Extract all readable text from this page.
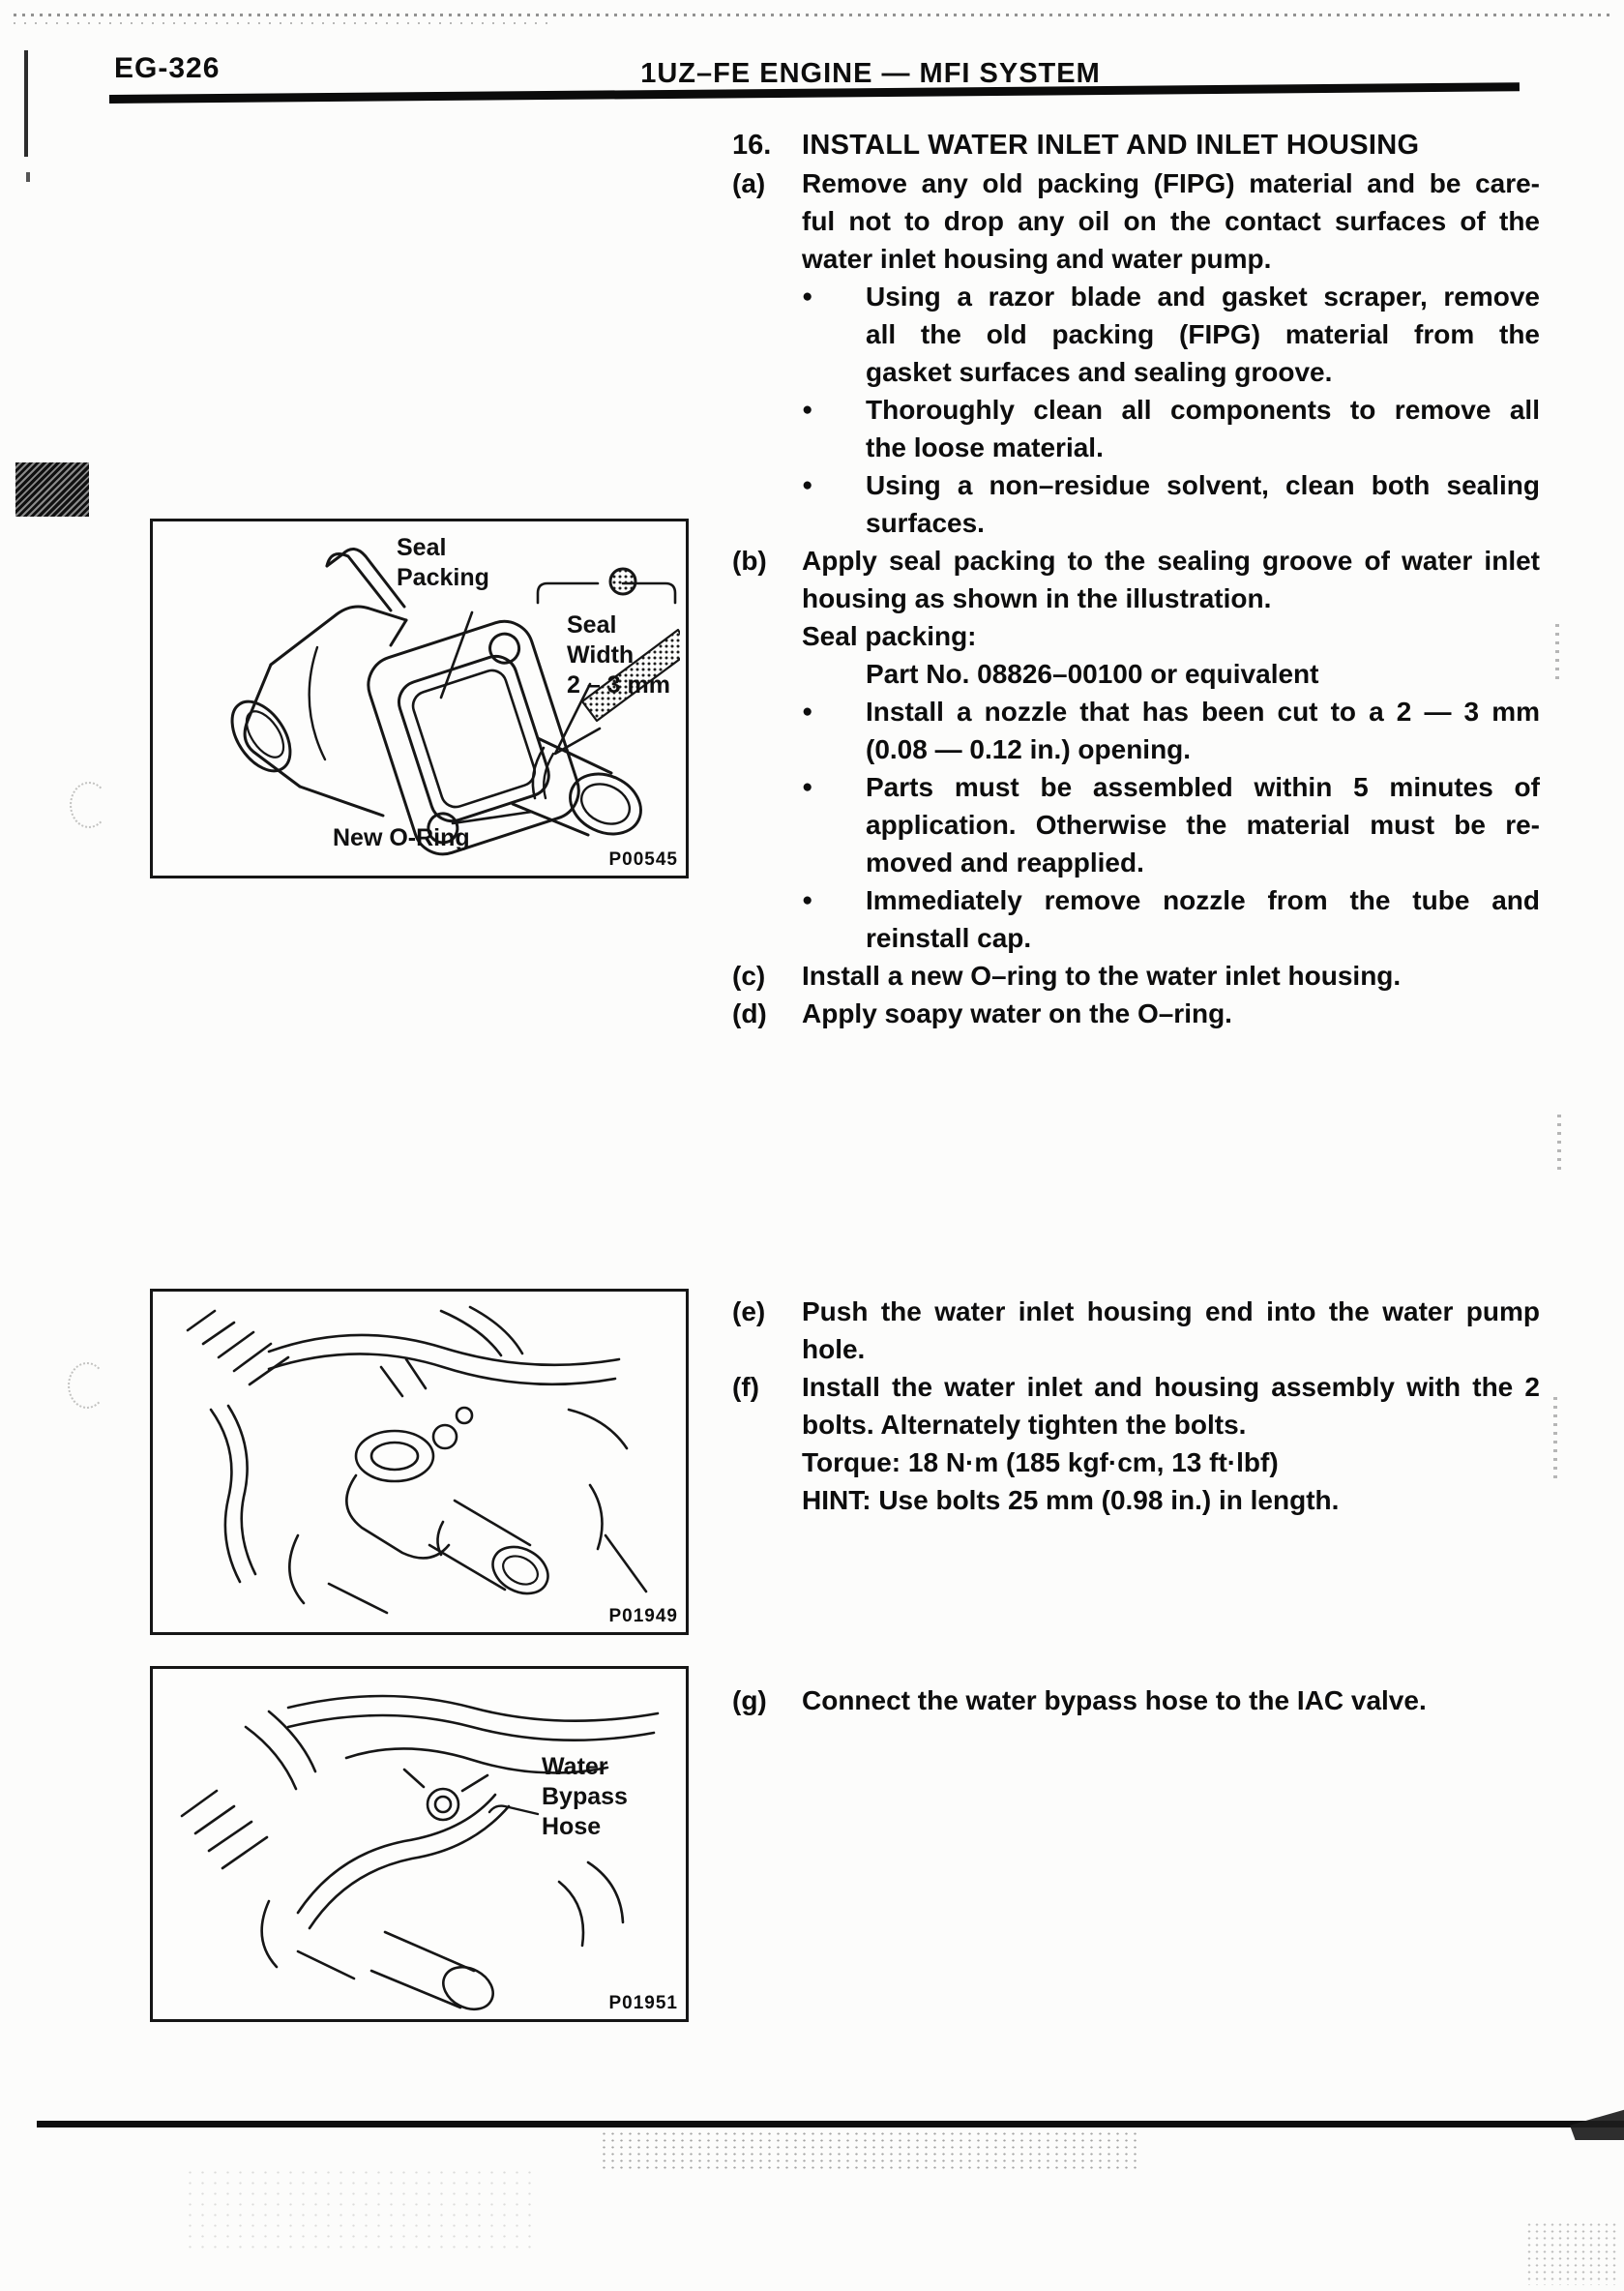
EG-326	1UZ–FE ENGINE — MFI SYSTEM
16.	INSTALL WATER INLET AND INLET HOUSING
(a)	Remove any old packing (FIPG) material and be care-
ful not to drop any oil on the contact surfaces of the
water inlet housing and water pump.
●	Using a razor blade and gasket scraper, remove
all the old packing (FIPG) material from the
gasket surfaces and sealing groove.
●	Thoroughly clean all components to remove all
the loose material.
●	Using a non–residue solvent, clean both sealing
surfaces.
(b)	Apply seal packing to the sealing groove of water inlet
housing as shown in the illustration.
Seal packing:
Part No. 08826–00100 or equivalent
●	Install a nozzle that has been cut to a 2 — 3 mm
(0.08 — 0.12 in.) opening.
●	Parts must be assembled within 5 minutes of
application. Otherwise the material must be re-
moved and reapplied.
●	Immediately remove nozzle from the tube and
reinstall cap.
(c)	Install a new O–ring to the water inlet housing.
(d)	Apply soapy water on the O–ring.
(e)	Push the water inlet housing end into the water pump
hole.
(f)	Install the water inlet and housing assembly with the 2
bolts. Alternately tighten the bolts.
Torque: 18 N·m (185 kgf·cm, 13 ft·lbf)
HINT: Use bolts 25 mm (0.98 in.) in length.
(g)	Connect the water bypass hose to the IAC valve.
Seal
Packing
Seal
Width
2 – 3 mm
New O-Ring
P00545
P01949
Water
Bypass
Hose
P01951
